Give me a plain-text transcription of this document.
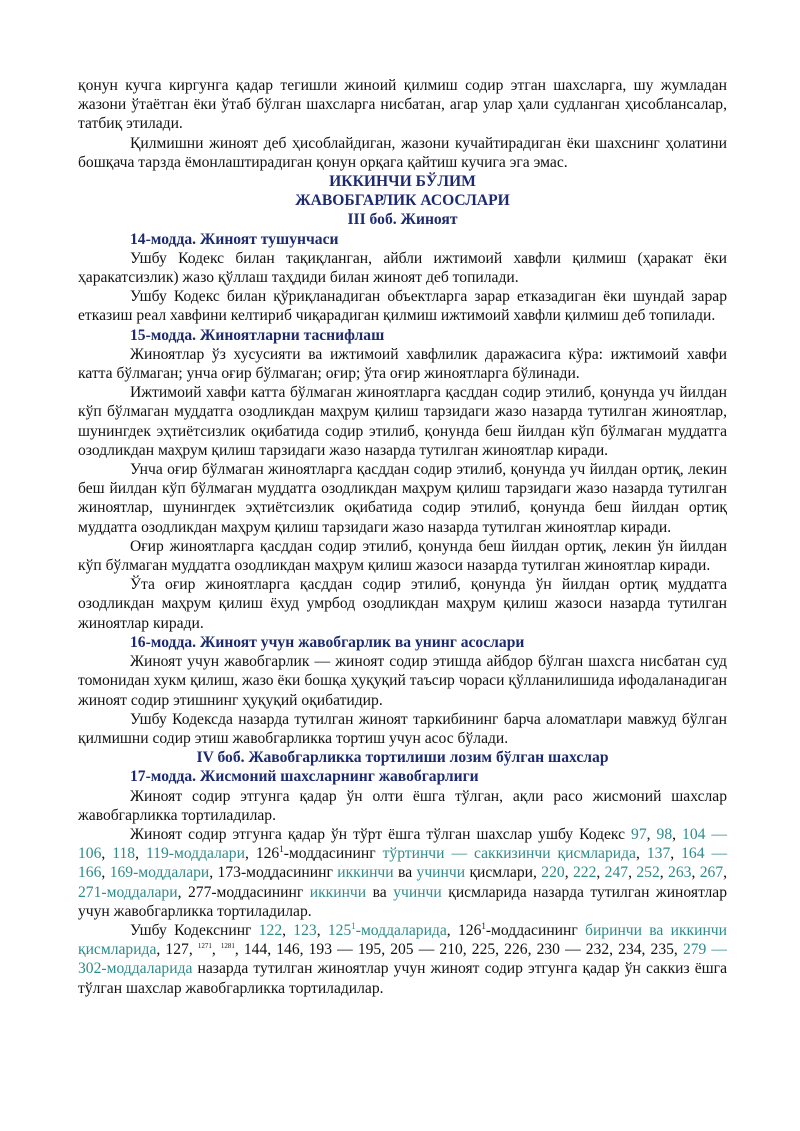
қонун кучга киргунга қадар тегишли жиноий қилмиш содир этган шахсларга, шу жумладан жазони ўтаётган ёки ўтаб бўлган шахсларга нисбатан, агар улар ҳали судланган ҳисоблансалар, татбиқ этилади.

Қилмишни жиноят деб ҳисоблайдиган, жазони кучайтирадиган ёки шахснинг ҳолатини бошқача тарзда ёмонлаштирадиган қонун орқага қайтиш кучига эга эмас.

ИККИНЧИ БЎЛИМ
ЖАВОБГАРЛИК АСОСЛАРИ
III боб. Жиноят
14-модда. Жиноят тушунчаси

Ушбу Кодекс билан тақиқланган, айбли ижтимоий хавфли қилмиш (ҳаракат ёки ҳаракатсизлик) жазо қўллаш таҳдиди билан жиноят деб топилади.

Ушбу Кодекс билан қўриқланадиган объектларга зарар етказадиган ёки шундай зарар етказиш реал хавфини келтириб чиқарадиган қилмиш ижтимоий хавфли қилмиш деб топилади.

15-модда. Жиноятларни таснифлаш

Жиноятлар ўз хусусияти ва ижтимоий хавфлилик даражасига кўра: ижтимоий хавфи катта бўлмаган; унча оғир бўлмаган; оғир; ўта оғир жиноятларга бўлинади.

Ижтимоий хавфи катта бўлмаган жиноятларга қасддан содир этилиб, қонунда уч йилдан кўп бўлмаган муддатга озодликдан маҳрум қилиш тарзидаги жазо назарда тутилган жиноятлар, шунингдек эҳтиётсизлик оқибатида содир этилиб, қонунда беш йилдан кўп бўлмаган муддатга озодликдан маҳрум қилиш тарзидаги жазо назарда тутилган жиноятлар киради.

Унча оғир бўлмаган жиноятларга қасддан содир этилиб, қонунда уч йилдан ортиқ, лекин беш йилдан кўп бўлмаган муддатга озодликдан маҳрум қилиш тарзидаги жазо назарда тутилган жиноятлар, шунингдек эҳтиётсизлик оқибатида содир этилиб, қонунда беш йилдан ортиқ муддатга озодликдан маҳрум қилиш тарзидаги жазо назарда тутилган жиноятлар киради.

Оғир жиноятларга қасддан содир этилиб, қонунда беш йилдан ортиқ, лекин ўн йилдан кўп бўлмаган муддатга озодликдан маҳрум қилиш жазоси назарда тутилган жиноятлар киради.

Ўта оғир жиноятларга қасддан содир этилиб, қонунда ўн йилдан ортиқ муддатга озодликдан маҳрум қилиш ёхуд умрбод озодликдан маҳрум қилиш жазоси назарда тутилган жиноятлар киради.

16-модда. Жиноят учун жавобгарлик ва унинг асослари

Жиноят учун жавобгарлик — жиноят содир этишда айбдор бўлган шахсга нисбатан суд томонидан хукм қилиш, жазо ёки бошқа ҳуқуқий таъсир чораси қўлланилишида ифодаланадиган жиноят содир этишнинг ҳуқуқий оқибатидир.

Ушбу Кодексда назарда тутилган жиноят таркибининг барча аломатлари мавжуд бўлган қилмишни содир этиш жавобгарликка тортиш учун асос бўлади.

IV боб. Жавобгарликка тортилиши лозим бўлган шахслар
17-модда. Жисмоний шахсларнинг жавобгарлиги

Жиноят содир этгунга қадар ўн олти ёшга тўлган, ақли расо жисмоний шахслар жавобгарликка тортиладилар.

Жиноят содир этгунга қадар ўн тўрт ёшга тўлган шахслар ушбу Кодекс 97, 98, 104 — 106, 118, 119-моддалари, $126^1$-моддасининг тўртинчи — саккизинчи қисмларида, 137, 164 — 166, 169-моддалари, 173-моддасининг иккинчи ва учинчи қисмлари, 220, 222, 247, 252, 263, 267, 271-моддалари, 277-моддасининг иккинчи ва учинчи қисмларида назарда тутилган жиноятлар учун жавобгарликка тортиладилар.

Ушбу Кодекснинг 122, 123, $125^1$-моддаларида, $126^1$-моддасининг биринчи ва иккинчи қисмларида, 127, $^{1271}$, $^{1281}$, 144, 146, 193 — 195, 205 — 210, 225, 226, 230 — 232, 234, 235, 279 — 302-моддаларида назарда тутилган жиноятлар учун жиноят содир этгунга қадар ўн саккиз ёшга тўлган шахслар жавобгарликка тортиладилар.
